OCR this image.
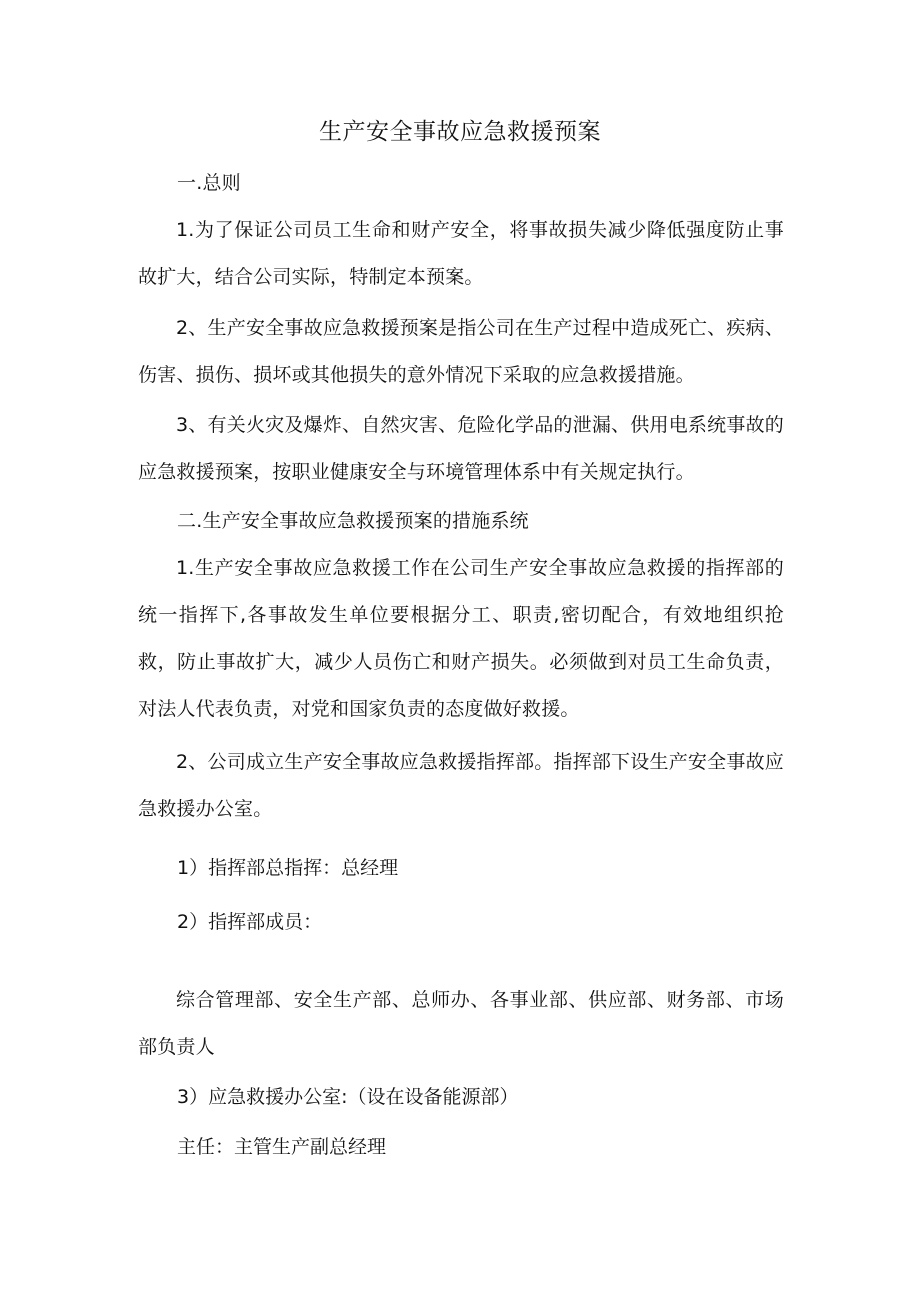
生产安全事故应急救援预案

一.总则

1.为了保证公司员工生命和财产安全，将事故损失减少降低强度防止事故扩大，结合公司实际，特制定本预案。

2、生产安全事故应急救援预案是指公司在生产过程中造成死亡、疾病、伤害、损伤、损坏或其他损失的意外情况下采取的应急救援措施。

3、有关火灾及爆炸、自然灾害、危险化学品的泄漏、供用电系统事故的应急救援预案，按职业健康安全与环境管理体系中有关规定执行。

二.生产安全事故应急救援预案的措施系统

1.生产安全事故应急救援工作在公司生产安全事故应急救援的指挥部的统一指挥下,各事故发生单位要根据分工、职责,密切配合，有效地组织抢救，防止事故扩大，减少人员伤亡和财产损失。必须做到对员工生命负责，对法人代表负责，对党和国家负责的态度做好救援。

2、公司成立生产安全事故应急救援指挥部。指挥部下设生产安全事故应急救援办公室。

1）指挥部总指挥：总经理

2）指挥部成员：

综合管理部、安全生产部、总师办、各事业部、供应部、财务部、市场部负责人

3）应急救援办公室:（设在设备能源部）

主任：主管生产副总经理
